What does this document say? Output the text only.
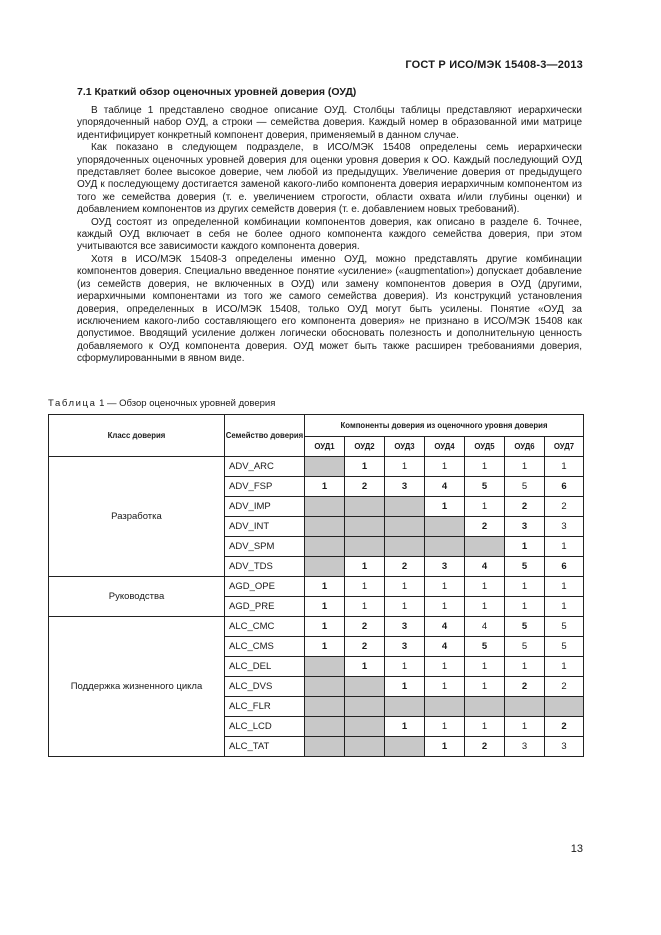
ГОСТ Р ИСО/МЭК 15408-3—2013
7.1 Краткий обзор оценочных уровней доверия (ОУД)

В таблице 1 представлено сводное описание ОУД. Столбцы таблицы представляют иерархически упорядоченный набор ОУД, а строки — семейства доверия. Каждый номер в образованной ими матрице идентифицирует конкретный компонент доверия, применяемый в данном случае.

Как показано в следующем подразделе, в ИСО/МЭК 15408 определены семь иерархически упорядоченных оценочных уровней доверия для оценки уровня доверия к ОО. Каждый последующий ОУД представляет более высокое доверие, чем любой из предыдущих. Увеличение доверия от предыдущего ОУД к последующему достигается заменой какого-либо компонента доверия иерархичным компонентом из того же семейства доверия (т. е. увеличением строгости, области охвата и/или глубины оценки) и добавлением компонентов из других семейств доверия (т. е. добавлением новых требований).

ОУД состоят из определенной комбинации компонентов доверия, как описано в разделе 6. Точнее, каждый ОУД включает в себя не более одного компонента каждого семейства доверия, при этом учитываются все зависимости каждого компонента доверия.

Хотя в ИСО/МЭК 15408-3 определены именно ОУД, можно представлять другие комбинации компонентов доверия. Специально введенное понятие «усиление» («augmentation») допускает добавление (из семейств доверия, не включенных в ОУД) или замену компонентов доверия в ОУД (другими, иерархичными компонентами из того же самого семейства доверия). Из конструкций установления доверия, определенных в ИСО/МЭК 15408, только ОУД могут быть усилены. Понятие «ОУД за исключением какого-либо составляющего его компонента доверия» не признано в ИСО/МЭК 15408 как допустимое. Вводящий усиление должен логически обосновать полезность и дополнительную ценность добавляемого к ОУД компонента доверия. ОУД может быть также расширен требованиями доверия, сформулированными в явном виде.

Таблица 1 — Обзор оценочных уровней доверия
Класс доверия	Семейство доверия	Компоненты доверия из оценочного уровня доверия						
		ОУД1	ОУД2	ОУД3	ОУД4	ОУД5	ОУД6	ОУД7
Разработка	ADV_ARC		1	1	1	1	1	1
	ADV_FSP	1	2	3	4	5	5	6
	ADV_IMP				1	1	2	2
	ADV_INT					2	3	3
	ADV_SPM						1	1
	ADV_TDS		1	2	3	4	5	6
Руководства	AGD_OPE	1	1	1	1	1	1	1
	AGD_PRE	1	1	1	1	1	1	1
Поддержка жизненного цикла	ALC_CMC	1	2	3	4	4	5	5
	ALC_CMS	1	2	3	4	5	5	5
	ALC_DEL		1	1	1	1	1	1
	ALC_DVS			1	1	1	2	2
	ALC_FLR							
	ALC_LCD			1	1	1	1	2
	ALC_TAT				1	2	3	3
13
